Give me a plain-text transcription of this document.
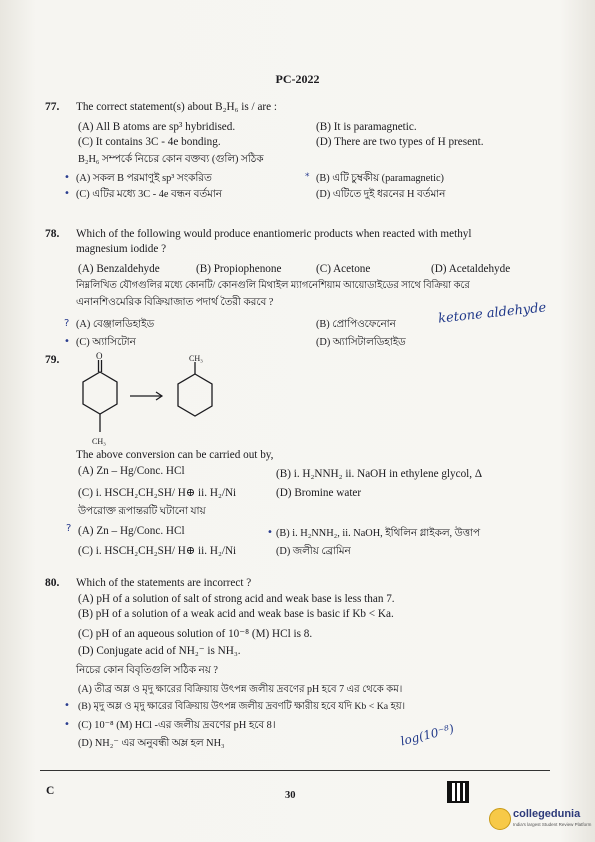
PC-2022
77. The correct statement(s) about B₂H₆ is / are :
(A) All B atoms are sp³ hybridised.	(B) It is paramagnetic.
(C) It contains 3C - 4e bonding.	(D) There are two types of H present.
B₂H₆ সম্পর্কে নিচের কোন বক্তব্য (গুলি) সঠিক
• (A) সকল B পরমাণুই sp³ সংকরিত	* (B) এটি চুম্বকীয় (paramagnetic)
• (C) এটির মধ্যে 3C - 4e বন্ধন বর্তমান	(D) এটিতে দুই ধরনের H বর্তমান
78. Which of the following would produce enantiomeric products when reacted with methyl
magnesium iodide ?
(A) Benzaldehyde	(B) Propiophenone	(C) Acetone	(D) Acetaldehyde
নিম্নলিখিত যৌগগুলির মধ্যে কোনটি/ কোনগুলি মিথাইল ম্যাগনেশিয়াম আয়োডাইডের সাথে বিক্রিয়া করে
এনানশিওমেরিক বিক্রিয়াজাত পদার্থ তৈরী করবে ?
? (A) বেঞ্জালডিহাইড	(B) প্রোপিওফেনোন
• (C) অ্যাসিটোন	(D) অ্যাসিটালডিহাইড
ketone aldehyde
79.	O
CH₃
CH₃
The above conversion can be carried out by,
(A) Zn – Hg/Conc. HCl	(B) i. H₂NNH₂ ii. NaOH in ethylene glycol, Δ
(C) i. HSCH₂CH₂SH/ H⊕ ii. H₂/Ni	(D) Bromine water
উপরোক্ত রূপান্তরটি ঘটানো যায়
? (A) Zn – Hg/Conc. HCl	• (B) i. H₂NNH₂, ii. NaOH, ইথিলিন গ্লাইকল, উত্তাপ
(C) i. HSCH₂CH₂SH/ H⊕ ii. H₂/Ni	(D) জলীয় ব্রোমিন
80. Which of the statements are incorrect ?
(A) pH of a solution of salt of strong acid and weak base is less than 7.
(B) pH of a solution of a weak acid and weak base is basic if Kb < Ka.
(C) pH of an aqueous solution of 10⁻⁸ (M) HCl is 8.
(D) Conjugate acid of NH₂⁻ is NH₃.
নিচের কোন বিবৃতিগুলি সঠিক নয় ?
(A) তীব্র অম্ল ও মৃদু ক্ষারের বিক্রিয়ায় উৎপন্ন জলীয় দ্রবণের pH হবে 7 এর থেকে কম।
• (B) মৃদু অম্ল ও মৃদু ক্ষারের বিক্রিয়ায় উৎপন্ন জলীয় দ্রবণটি ক্ষারীয় হবে যদি Kb < Ka হয়।
• (C) 10⁻⁸ (M) HCl -এর জলীয় দ্রবণের pH হবে 8।
(D) NH₂⁻ এর অনুবন্ধী অম্ল হল NH₃	log(10⁻⁸)
C	30
collegedunia
India's largest Student Review Platform
